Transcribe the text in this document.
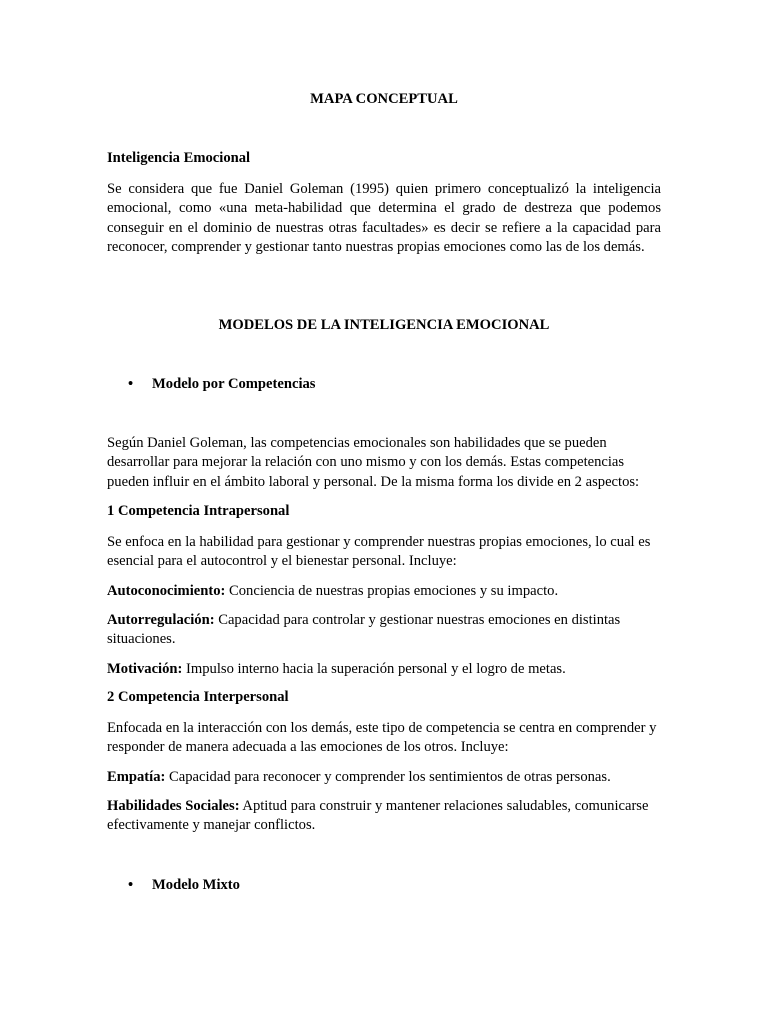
MAPA CONCEPTUAL

Inteligencia Emocional

Se considera que fue Daniel Goleman (1995) quien primero conceptualizó la inteligencia emocional, como «una meta-habilidad que determina el grado de destreza que podemos conseguir en el dominio de nuestras otras facultades» es decir se refiere a la capacidad para reconocer, comprender y gestionar tanto nuestras propias emociones como las de los demás.

MODELOS DE LA INTELIGENCIA EMOCIONAL

• Modelo por Competencias

Según Daniel Goleman, las competencias emocionales son habilidades que se pueden desarrollar para mejorar la relación con uno mismo y con los demás. Estas competencias pueden influir en el ámbito laboral y personal. De la misma forma los divide en 2 aspectos:

1 Competencia Intrapersonal

Se enfoca en la habilidad para gestionar y comprender nuestras propias emociones, lo cual es esencial para el autocontrol y el bienestar personal. Incluye:

Autoconocimiento: Conciencia de nuestras propias emociones y su impacto.

Autorregulación: Capacidad para controlar y gestionar nuestras emociones en distintas situaciones.

Motivación: Impulso interno hacia la superación personal y el logro de metas.

2 Competencia Interpersonal

Enfocada en la interacción con los demás, este tipo de competencia se centra en comprender y responder de manera adecuada a las emociones de los otros. Incluye:

Empatía: Capacidad para reconocer y comprender los sentimientos de otras personas.

Habilidades Sociales: Aptitud para construir y mantener relaciones saludables, comunicarse efectivamente y manejar conflictos.

• Modelo Mixto
